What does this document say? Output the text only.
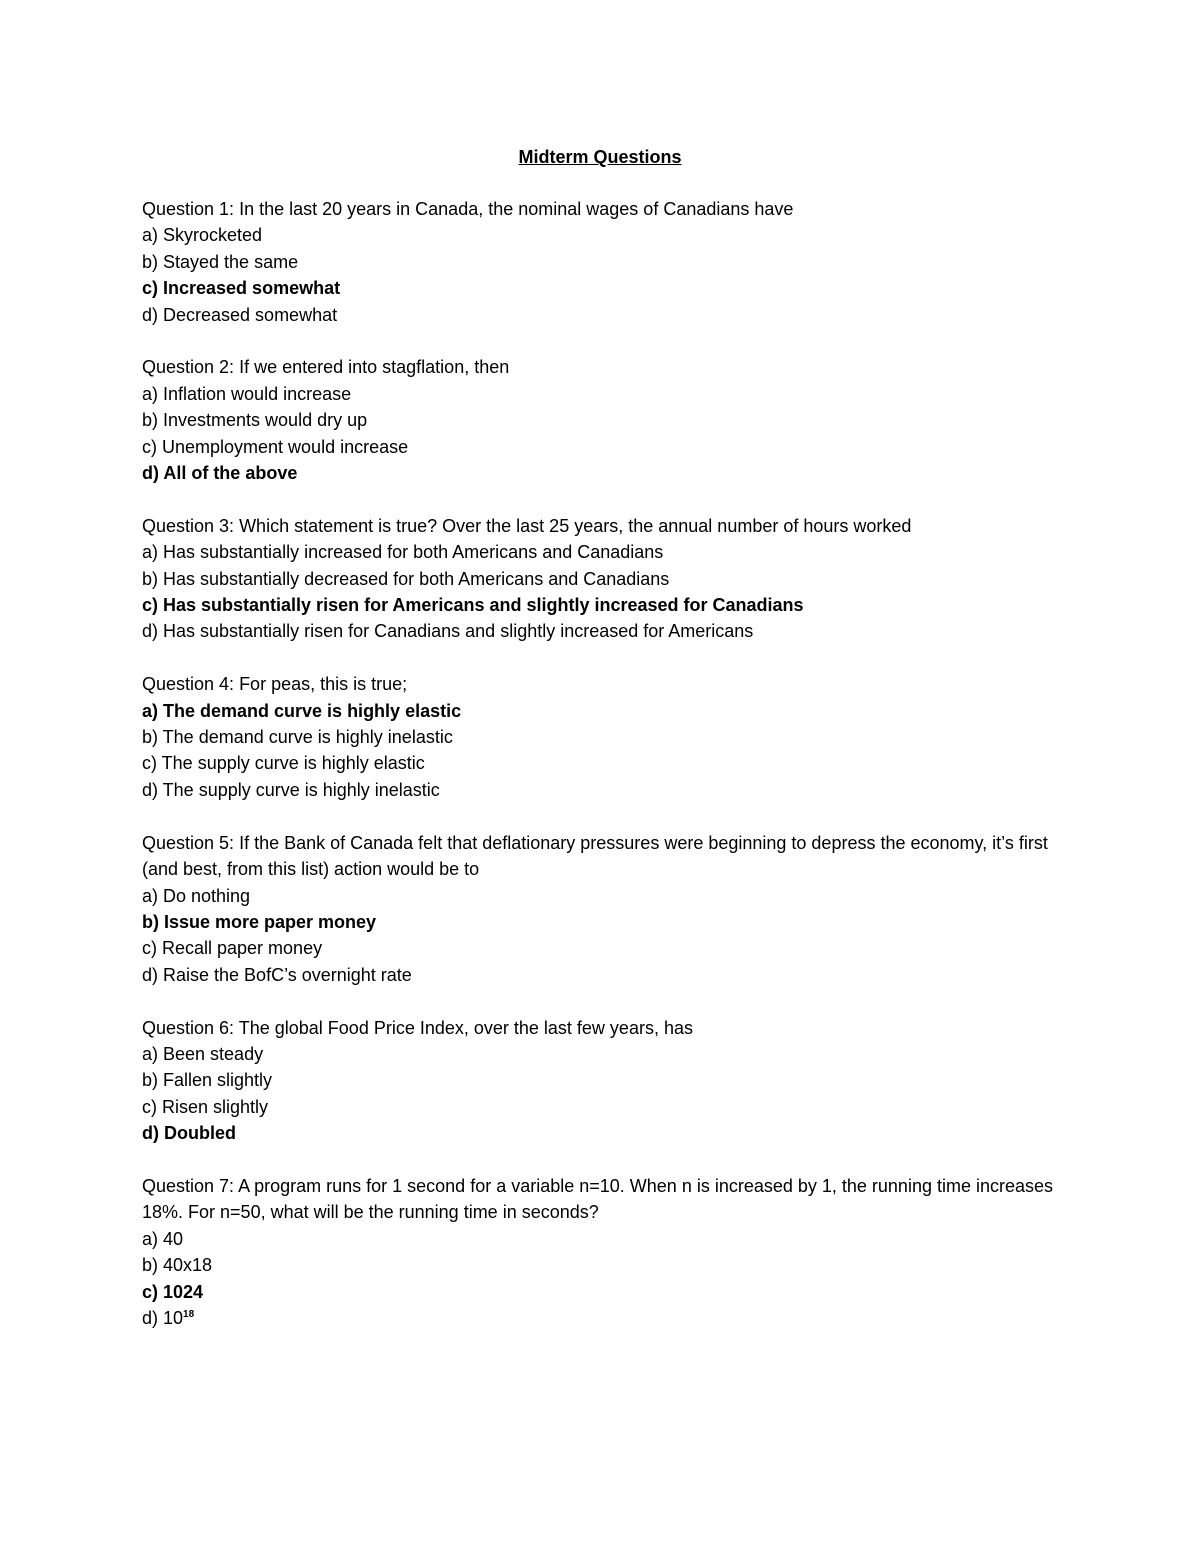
Midterm Questions
Question 1: In the last 20 years in Canada, the nominal wages of Canadians have
a) Skyrocketed
b) Stayed the same
c) Increased somewhat
d) Decreased somewhat
Question 2: If we entered into stagflation, then
a) Inflation would increase
b) Investments would dry up
c) Unemployment would increase
d) All of the above
Question 3: Which statement is true? Over the last 25 years, the annual number of hours worked
a) Has substantially increased for both Americans and Canadians
b) Has substantially decreased for both Americans and Canadians
c) Has substantially risen for Americans and slightly increased for Canadians
d) Has substantially risen for Canadians and slightly increased for Americans
Question 4: For peas, this is true;
a) The demand curve is highly elastic
b) The demand curve is highly inelastic
c) The supply curve is highly elastic
d) The supply curve is highly inelastic
Question 5: If the Bank of Canada felt that deflationary pressures were beginning to depress the economy, it’s first (and best, from this list) action would be to
a) Do nothing
b) Issue more paper money
c) Recall paper money
d) Raise the BofC’s overnight rate
Question 6: The global Food Price Index, over the last few years, has
a) Been steady
b) Fallen slightly
c) Risen slightly
d) Doubled
Question 7: A program runs for 1 second for a variable n=10. When n is increased by 1, the running time increases 18%. For n=50, what will be the running time in seconds?
a) 40
b) 40x18
c) 1024
d) $10^{18}$
